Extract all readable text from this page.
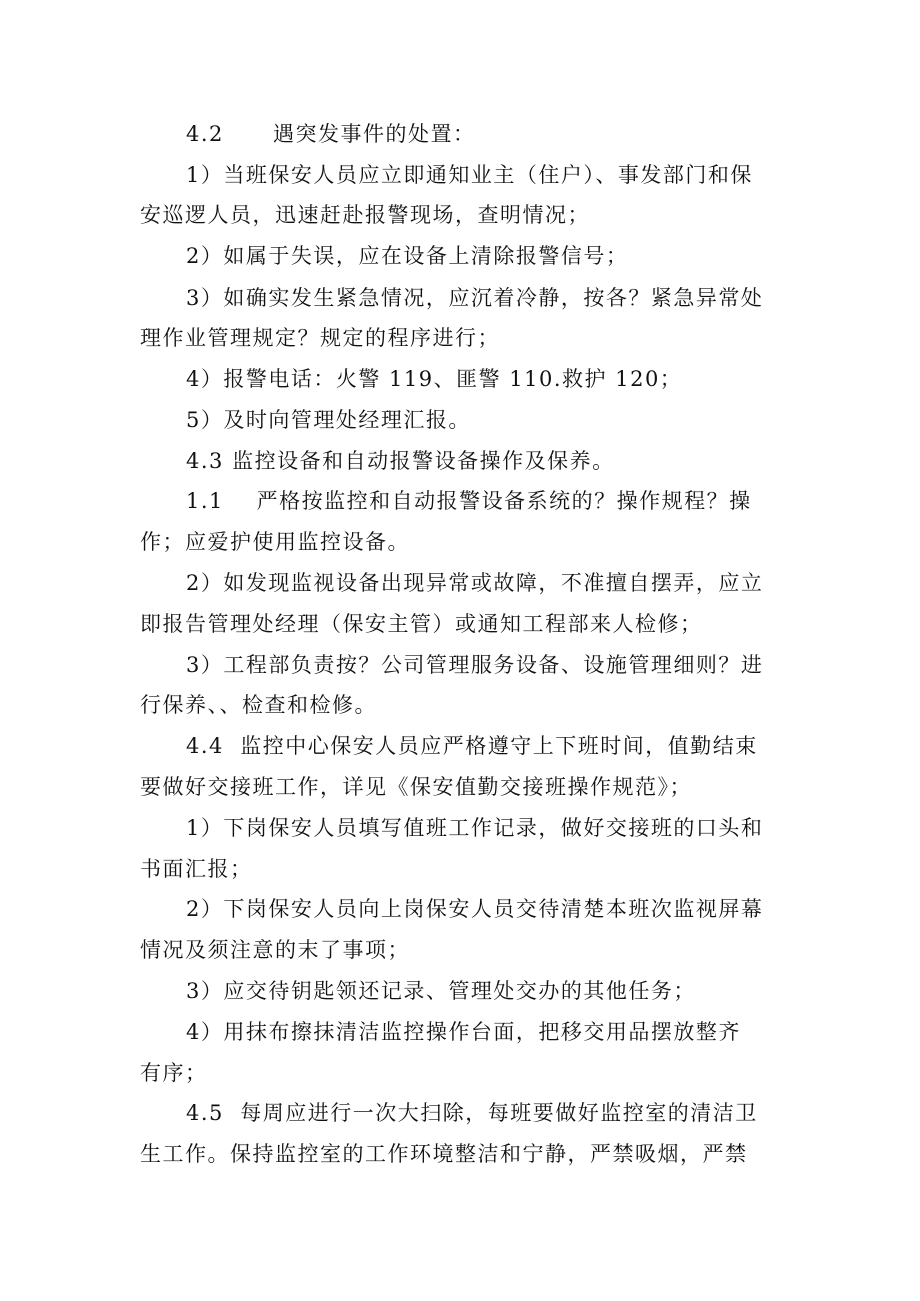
4.2      遇突发事件的处置：
1）当班保安人员应立即通知业主（住户）、事发部门和保
安巡逻人员，迅速赶赴报警现场，查明情况；
2）如属于失误，应在设备上清除报警信号；
3）如确实发生紧急情况，应沉着冷静，按各？紧急异常处
理作业管理规定？规定的程序进行；
4）报警电话：火警 119、匪警 110.救护 120；
5）及时向管理处经理汇报。
4.3 监控设备和自动报警设备操作及保养。
1.1    严格按监控和自动报警设备系统的？操作规程？操
作；应爱护使用监控设备。
2）如发现监视设备出现异常或故障，不准擅自摆弄，应立
即报告管理处经理（保安主管）或通知工程部来人检修；
3）工程部负责按？公司管理服务设备、设施管理细则？进
行保养、、检查和检修。
4.4  监控中心保安人员应严格遵守上下班时间，值勤结束
要做好交接班工作，详见《保安值勤交接班操作规范》；
1）下岗保安人员填写值班工作记录，做好交接班的口头和
书面汇报；
2）下岗保安人员向上岗保安人员交待清楚本班次监视屏幕
情况及须注意的末了事项；
3）应交待钥匙领还记录、管理处交办的其他任务；
4）用抹布擦抹清洁监控操作台面，把移交用品摆放整齐
有序；
4.5  每周应进行一次大扫除，每班要做好监控室的清洁卫
生工作。保持监控室的工作环境整洁和宁静，严禁吸烟，严禁
